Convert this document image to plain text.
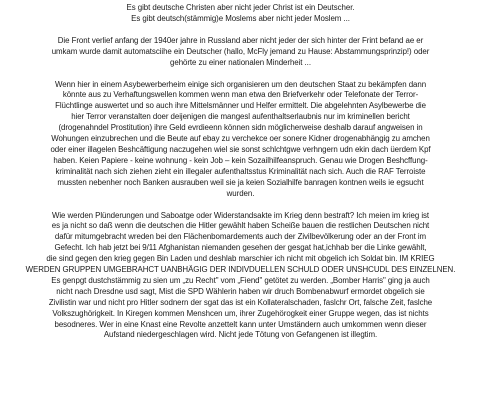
Es gibt deutsche Christen aber nicht jeder Christ ist ein Deutscher.
Es gibt deutsch(stämmig)e Moslems aber nicht jeder Moslem ...

Die Front verlief anfang der 1940er jahre in Russland aber nicht jeder der sich hinter der Frint befand ae er
umkam wurde damit automatsciihe ein Deutscher (hallo, McFly jemand zu Hause: Abstammungsprinzip!) oder
gehörte zu einer nationalen Minderheit ...

Wenn hier in einem Asybewerberheim einige sich organisieren um den deutschen Staat zu bekämpfen dann
könnte aus zu Verhaftungswellen kommen wenn man etwa den Briefverkehr oder Telefonate der Terror-
Flüchtlinge auswertet und so auch ihre Mittelsmänner und Helfer ermittelt. Die abgelehnten Asylbewerbe die
hier Terror veranstalten doer deijenigen die mangesl aufenthaltserlaubnis nur im kriminellen bericht
(drogenahndel Prostitution) ihre Geld evrdieenn können sidn möglicherweise deshalb darauf angweisen in
Wohungen einzubrechen und die Beute auf ebay zu verchekce oer sonere Kidner drogenabhängig zu amchen
oder einer illagelen Beshcäftigung naczugehen wiel sie sonst schlchtgwe verhngern udn ekin dach üerdem Kpf
haben. Keien Papiere - keine wohnung - kein Job – kein Sozailhilfeanspruch. Genau wie Drogen Beshcffung-
kriminalität nach sich ziehen zieht ein illegaler aufenthaltsstus Kriminalität nach sich. Auch die RAF Terroiste
mussten nebenher noch Banken ausrauben weil sie ja keien Sozialhilfe banragen kontnen weils ie egsucht
wurden.

Wie werden Plünderungen und Saboatge oder Widerstandsakte im Krieg denn bestraft? Ich meien im krieg ist
es ja nicht so daß wenn die deutschen die Hitler gewählt haben Scheiße bauen die restlichen Deutschen nicht
dafür mitumgebracht wreden bei den Flächenbomardements auch der Zivilbevölkerung oder an der Front im
Gefecht. Ich hab jetzt bei 9/11 Afghanistan niemanden gesehen der gesgat hat,ichhab ber die Linke gewählt,
die sind gegen den krieg gegen Bin Laden und deshlab marschier ich nicht mit obgelich ich Soldat bin. IM KRIEG
WERDEN GRUPPEN UMGEBRAHCT UANBHÄGIG DER INDIVDUELLEN SCHULD ODER UNSHCUDL DES EINZELNEN.
Es genpgt dustchstämmig zu sien um „zu Recht" vom „Fiend" getötet zu werden. „Bomber Harris" ging ja auch
nicht nach Dresdne usd sagt, Mist die SPD Wählerin haben wir druch Bombenabwurf ermordet obgelich sie
Zivilistin war und nicht pro Hitler sodnern der sgat das ist ein Kollateralschaden, faslchr Ort, falsche Zeit, faslche
Volkszughörigkeit. In Kiregen kommen Menshcen um, ihrer Zugehörogkeit einer Gruppe wegen, das ist nichts
besodneres. Wer in eine Knast eine Revolte anzettelt kann unter Umständern auch umkommen wenn dieser
Aufstand niedergeschlagen wird. Nicht jede Tötung von Gefangenen ist illegtim.
